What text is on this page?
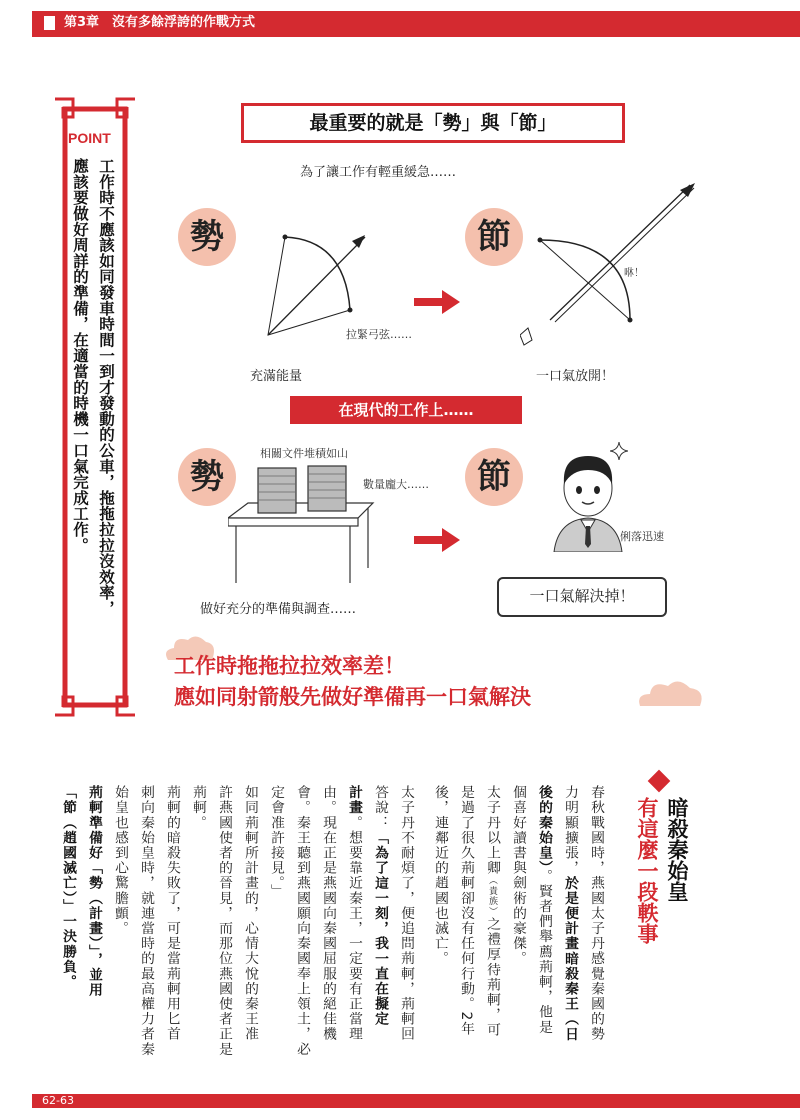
第3章　沒有多餘浮誇的作戰方式
POINT
工作時不應該如同發車時間一到才發動的公車，拖拖拉拉沒效率，
應該要做好周詳的準備，在適當的時機一口氣完成工作。
最重要的就是「勢」與「節」
為了讓工作有輕重緩急……
勢	節
拉緊弓弦……
充滿能量
咻！
一口氣放開！
在現代的工作上……
勢	節
相關文件堆積如山
數量龐大……
做好充分的準備與調查……
俐落迅速
一口氣解決掉！
工作時拖拖拉拉效率差！
應如同射箭般先做好準備再一口氣解決
暗殺秦始皇
有這麼一段軼事
春秋戰國時，燕國太子丹感覺秦國的勢
力明顯擴張，於是便計畫暗殺秦王（日
後的秦始皇）。賢者們舉薦荊軻，他是
個喜好讀書與劍術的豪傑。
太子丹以上卿（貴族）之禮厚待荊軻，可
是過了很久荊軻卻沒有任何行動。2年
後，連鄰近的趙國也滅亡。
太子丹不耐煩了，便追問荊軻，荊軻回
答說：「為了這一刻，我一直在擬定
計畫。想要靠近秦王，一定要有正當理
由。現在正是燕國向秦國屈服的絕佳機
會。秦王聽到燕國願向秦國奉上領土，必
定會准許接見。」
如同荊軻所計畫的，心情大悅的秦王准
許燕國使者的晉見，而那位燕國使者正是
荊軻。
荊軻的暗殺失敗了，可是當荊軻用匕首
刺向秦始皇時，就連當時的最高權力者秦
始皇也感到心驚膽顫。
荊軻準備好「勢（計畫）」，並用
「節（趙國滅亡）」一決勝負。
62-63
